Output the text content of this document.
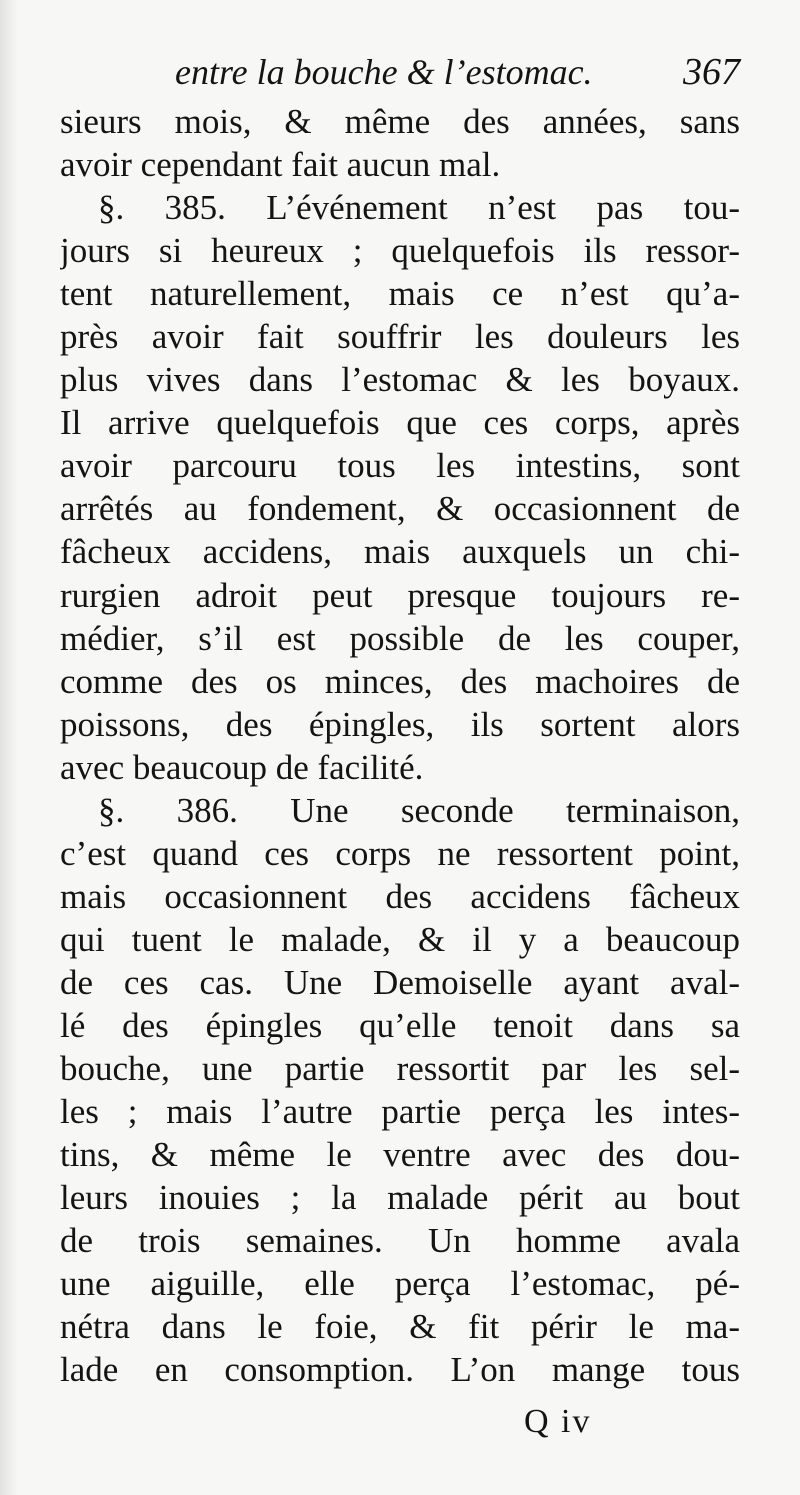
entre la bouche & l’estomac. 367
sieurs mois, & même des années, sans
avoir cependant fait aucun mal.
§. 385. L’événement n’est pas tou-
jours si heureux ; quelquefois ils ressor-
tent naturellement, mais ce n’est qu’a-
près avoir fait souffrir les douleurs les
plus vives dans l’estomac & les boyaux.
Il arrive quelquefois que ces corps, après
avoir parcouru tous les intestins, sont
arrêtés au fondement, & occasionnent de
fâcheux accidens, mais auxquels un chi-
rurgien adroit peut presque toujours re-
médier, s’il est possible de les couper,
comme des os minces, des machoires de
poissons, des épingles, ils sortent alors
avec beaucoup de facilité.
§. 386. Une seconde terminaison,
c’est quand ces corps ne ressortent point,
mais occasionnent des accidens fâcheux
qui tuent le malade, & il y a beaucoup
de ces cas. Une Demoiselle ayant aval-
lé des épingles qu’elle tenoit dans sa
bouche, une partie ressortit par les sel-
les ; mais l’autre partie perça les intes-
tins, & même le ventre avec des dou-
leurs inouies ; la malade périt au bout
de trois semaines. Un homme avala
une aiguille, elle perça l’estomac, pé-
nétra dans le foie, & fit périr le ma-
lade en consomption. L’on mange tous
Q iv
